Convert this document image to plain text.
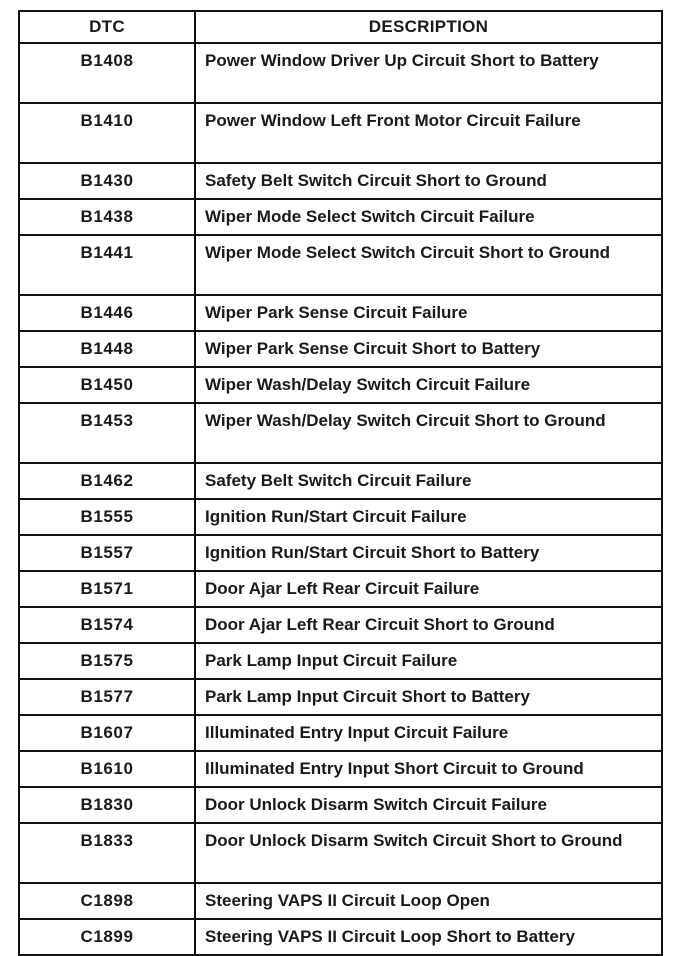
DTC	DESCRIPTION
B1408	Power Window Driver Up Circuit Short to Battery
B1410	Power Window Left Front Motor Circuit Failure
B1430	Safety Belt Switch Circuit Short to Ground
B1438	Wiper Mode Select Switch Circuit Failure
B1441	Wiper Mode Select Switch Circuit Short to Ground
B1446	Wiper Park Sense Circuit Failure
B1448	Wiper Park Sense Circuit Short to Battery
B1450	Wiper Wash/Delay Switch Circuit Failure
B1453	Wiper Wash/Delay Switch Circuit Short to Ground
B1462	Safety Belt Switch Circuit Failure
B1555	Ignition Run/Start Circuit Failure
B1557	Ignition Run/Start Circuit Short to Battery
B1571	Door Ajar Left Rear Circuit Failure
B1574	Door Ajar Left Rear Circuit Short to Ground
B1575	Park Lamp Input Circuit Failure
B1577	Park Lamp Input Circuit Short to Battery
B1607	Illuminated Entry Input Circuit Failure
B1610	Illuminated Entry Input Short Circuit to Ground
B1830	Door Unlock Disarm Switch Circuit Failure
B1833	Door Unlock Disarm Switch Circuit Short to Ground
C1898	Steering VAPS II Circuit Loop Open
C1899	Steering VAPS II Circuit Loop Short to Battery
